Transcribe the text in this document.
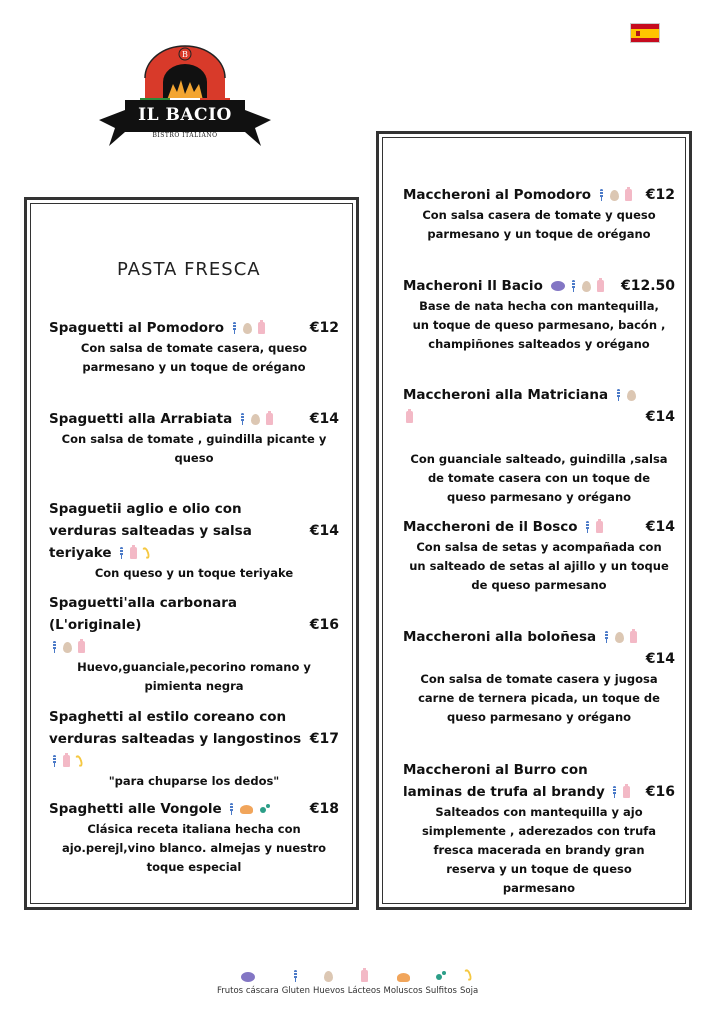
B
IL BACIO
BISTRO ITALIANO
PASTA FRESCA
Spaguetti al Pomodoro	€12
Con salsa de tomate casera, queso parmesano y un toque de orégano
Spaguetti alla Arrabiata	€14
Con salsa de tomate , guindilla picante y queso
Spaguetii aglio e olio con verduras salteadas y salsa teriyake
€14
Con queso y un toque teriyake
Spaguetti'alla carbonara (L'originale)	€16
Huevo,guanciale,pecorino romano y pimienta negra
Spaghetti al estilo coreano con verduras salteadas y langostinos €17
"para chuparse los dedos"
Spaghetti alle Vongole	€18
Clásica receta italiana hecha con ajo.perejl,vino blanco. almejas y nuestro toque especial
Maccheroni al Pomodoro	€12
Con salsa casera de tomate y queso parmesano y un toque de orégano
Macheroni Il Bacio	€12.50
Base de nata hecha con mantequilla, un toque de queso parmesano, bacón , champiñones salteados y orégano
Maccheroni alla Matriciana
€14
Con guanciale salteado, guindilla ,salsa de tomate casera con un toque de queso parmesano y orégano
Maccheroni de il Bosco	€14
Con salsa de setas y acompañada con un salteado de setas al ajillo y un toque de queso parmesano
Maccheroni alla boloñesa
€14
Con salsa de tomate casera y jugosa carne de ternera picada, un toque de queso parmesano y orégano
Maccheroni al Burro con laminas de trufa al brandy	€16
Salteados con mantequilla y ajo simplemente , aderezados con trufa fresca macerada en brandy gran reserva y un toque de queso parmesano
Frutos cáscara Gluten Huevos Lácteos Moluscos Sulfitos Soja
